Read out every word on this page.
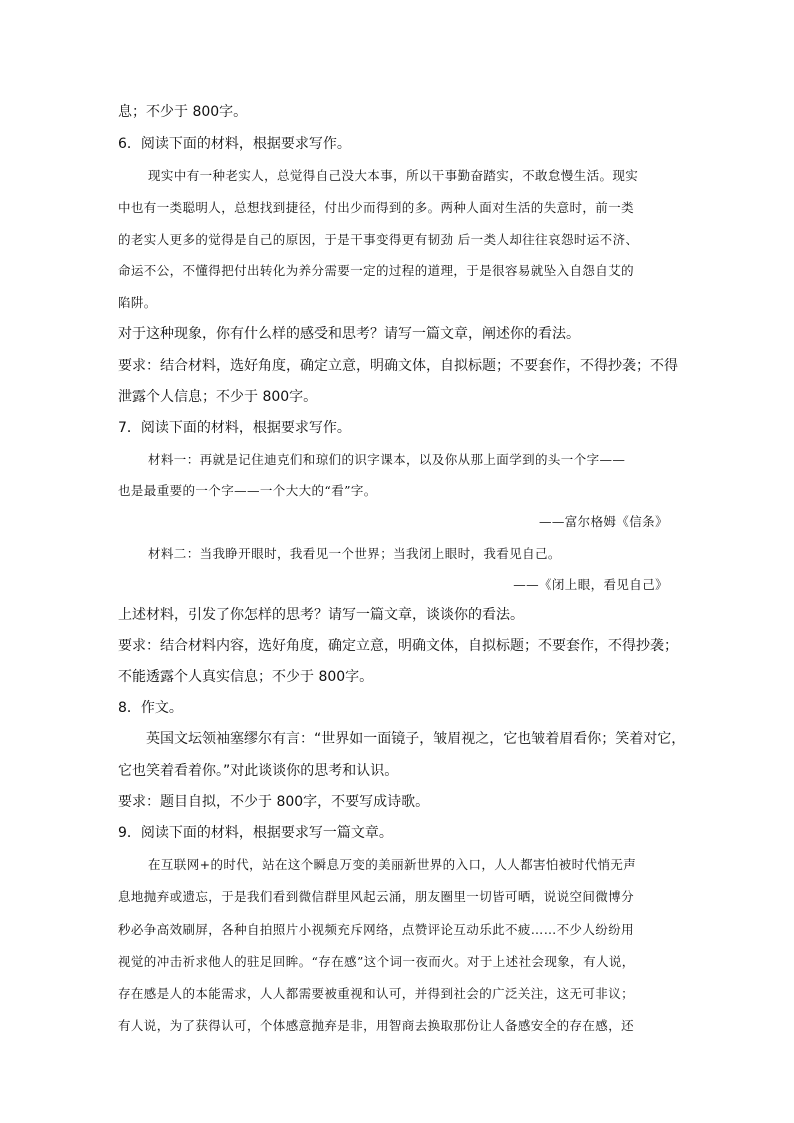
息；不少于 800字。
6．阅读下面的材料，根据要求写作。
现实中有一种老实人，总觉得自己没大本事，所以干事勤奋踏实，不敢怠慢生活。现实
中也有一类聪明人，总想找到捷径，付出少而得到的多。两种人面对生活的失意时，前一类
的老实人更多的觉得是自己的原因，于是干事变得更有韧劲 后一类人却往往哀怨时运不济、
命运不公，不懂得把付出转化为养分需要一定的过程的道理，于是很容易就坠入自怨自艾的
陷阱。
对于这种现象，你有什么样的感受和思考？请写一篇文章，阐述你的看法。
要求：结合材料，选好角度，确定立意，明确文体，自拟标题；不要套作，不得抄袭；不得
泄露个人信息；不少于 800字。
7．阅读下面的材料，根据要求写作。
材料一：再就是记住迪克们和琼们的识字课本，以及你从那上面学到的头一个字——
也是最重要的一个字——一个大大的“看”字。
——富尔格姆《信条》
材料二：当我睁开眼时，我看见一个世界；当我闭上眼时，我看见自己。
——《闭上眼，看见自己》
上述材料，引发了你怎样的思考？请写一篇文章，谈谈你的看法。
要求：结合材料内容，选好角度，确定立意，明确文体，自拟标题；不要套作，不得抄袭；
不能透露个人真实信息；不少于 800字。
8．作文。
英国文坛领袖塞缪尔有言：“世界如一面镜子，皱眉视之，它也皱着眉看你；笑着对它，
它也笑着看着你。”对此谈谈你的思考和认识。
要求：题目自拟，不少于 800字，不要写成诗歌。
9．阅读下面的材料，根据要求写一篇文章。
在互联网+的时代，站在这个瞬息万变的美丽新世界的入口，人人都害怕被时代悄无声
息地抛弃或遗忘，于是我们看到微信群里风起云涌，朋友圈里一切皆可晒，说说空间微博分
秒必争高效刷屏，各种自拍照片小视频充斥网络，点赞评论互动乐此不疲……不少人纷纷用
视觉的冲击祈求他人的驻足回眸。“存在感”这个词一夜而火。对于上述社会现象，有人说，
存在感是人的本能需求，人人都需要被重视和认可，并得到社会的广泛关注，这无可非议；
有人说，为了获得认可，个体感意抛弃是非，用智商去换取那份让人备感安全的存在感，还
